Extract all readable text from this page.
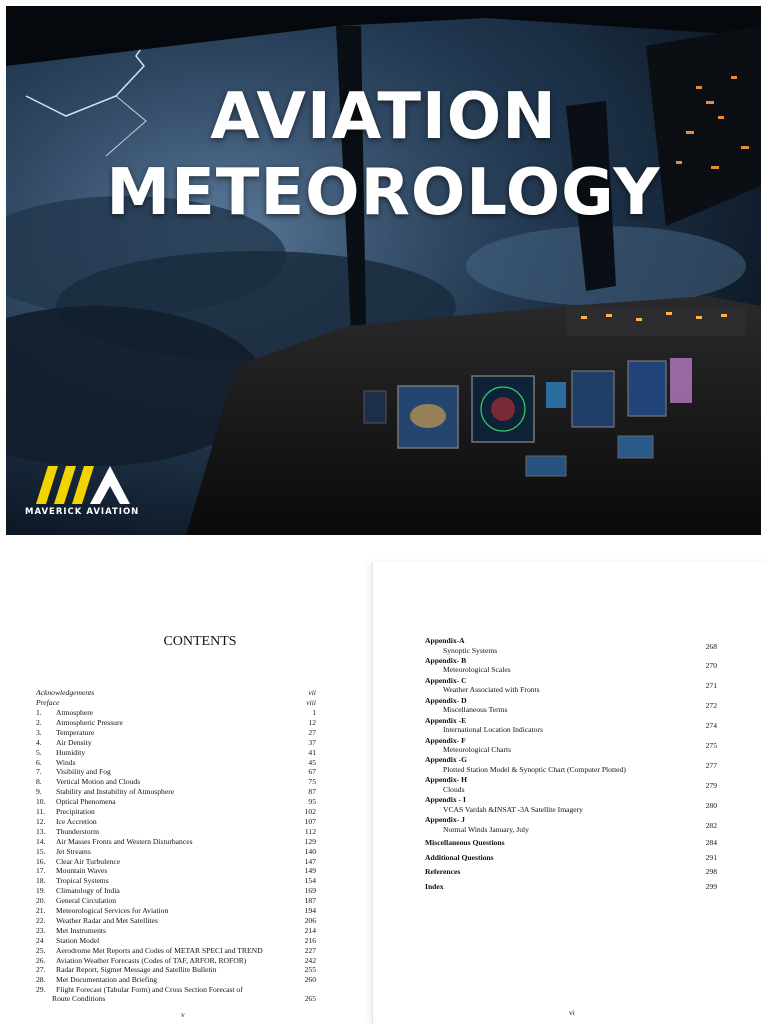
AVIATION
METEOROLOGY
MAVERICK AVIATION
CONTENTS
Acknowledgements	vii
Preface	viii
1. Atmosphere	1
2. Atmospheric Pressure	12
3. Temperature	27
4. Air Density	37
5. Humidity	41
6. Winds	45
7. Visibility and Fog	67
8. Vertical Motion and Clouds	75
9. Stability and Instability of Atmosphere	87
10. Optical Phenomena	95
11. Precipitation	102
12. Ice Accretion	107
13. Thunderstorm	112
14. Air Masses Fronts and Western Disturbances	129
15. Jet Streams	140
16. Clear Air Turbulence	147
17. Mountain Waves	149
18. Tropical Systems	154
19. Climatology of India	169
20. General Circulation	187
21. Meteorological Services for Aviation	194
22. Weather Radar and Met Satellites	206
23. Met Instruments	214
24 Station Model	216
25. Aerodrome Met Reports and Codes of METAR SPECI and TREND	227
26. Aviation Weather Forecasts (Codes of TAF, ARFOR, ROFOR)	242
27. Radar Report, Sigmet Message and Satellite Bulletin	255
28. Met Documentation and Briefing	260
29. Flight Forecast (Tabular Form) and Cross Section Forecast of
Route Conditions	265
v
Appendix-A
Synoptic Systems	268
Appendix- B
Meteorological Scales	270
Appendix- C
Weather Associated with Fronts	271
Appendix- D
Miscellaneous Terms	272
Appendix -E
International Location Indicators	274
Appendix- F
Meteorological Charts	275
Appendix -G
Plotted Station Model & Synoptic Chart (Computer Plotted)	277
Appendix- H
Clouds	279
Appendix - I
VCAS Vardah &INSAT -3A Satellite Imagery	280
Appendix- J
Normal Winds January, July	282
Miscellaneous Questions	284
Additional Questions	291
References	298
Index	299
vi
